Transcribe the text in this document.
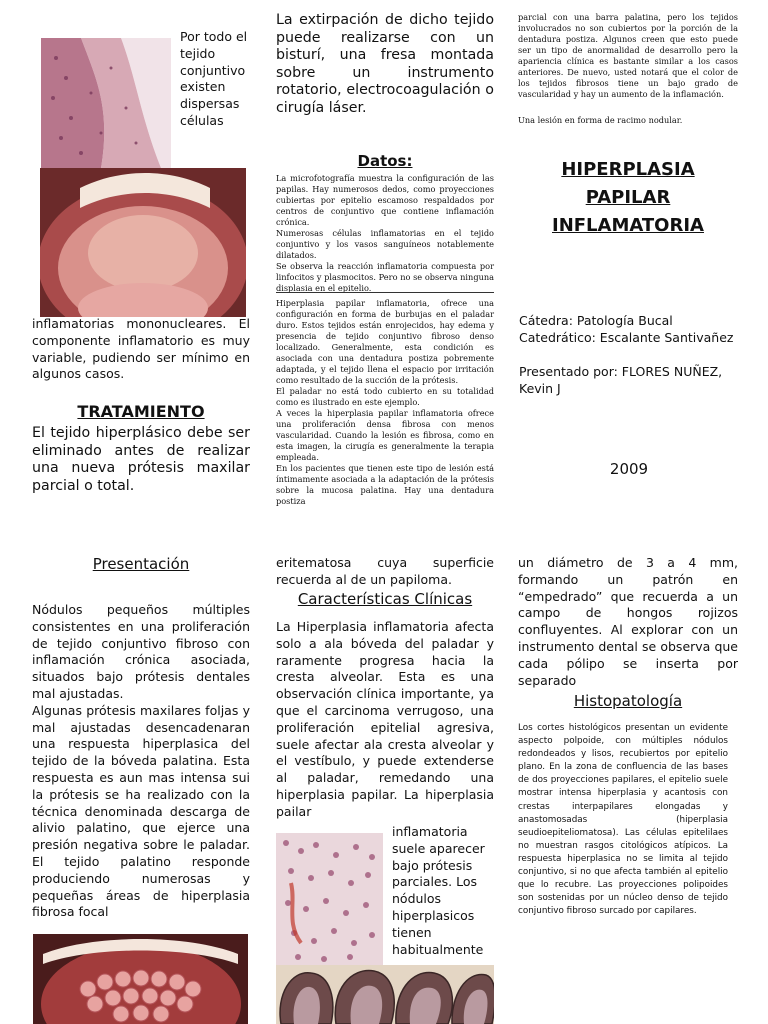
Por todo el tejido conjuntivo existen dispersas células
inflamatorias mononucleares. El componente inflamatorio es muy variable, pudiendo ser mínimo en algunos casos.
TRATAMIENTO
El tejido hiperplásico debe ser eliminado antes de realizar una nueva prótesis maxilar parcial o total.
La extirpación de dicho tejido puede realizarse con un bisturí, una fresa montada sobre un instrumento rotatorio, electrocoagulación o cirugía láser.
Datos:
La microfotografía muestra la configuración de las papilas. Hay numerosos dedos, como proyecciones cubiertas por epitelio escamoso respaldados por centros de conjuntivo que contiene inflamación crónica.
Numerosas células inflamatorias en el tejido conjuntivo y los vasos sanguíneos notablemente dilatados.
Se observa la reacción inflamatoria compuesta por linfocitos y plasmocitos. Pero no se observa ninguna displasia en el epitelio.
Hiperplasia papilar inflamatoria, ofrece una configuración en forma de burbujas en el paladar duro. Estos tejidos están enrojecidos, hay edema y presencia de tejido conjuntivo fibroso denso localizado. Generalmente, esta condición es asociada con una dentadura postiza pobremente adaptada, y el tejido llena el espacio por irritación como resultado de la succión de la prótesis.
El paladar no está todo cubierto en su totalidad como es ilustrado en este ejemplo.
A veces la hiperplasia papilar inflamatoria ofrece una proliferación densa fibrosa con menos vascularidad. Cuando la lesión es fibrosa, como en esta imagen, la cirugía es generalmente la terapia empleada.
En los pacientes que tienen este tipo de lesión está íntimamente asociada a la adaptación de la prótesis sobre la mucosa palatina. Hay una dentadura postiza
parcial con una barra palatina, pero los tejidos involucrados no son cubiertos por la porción de la dentadura postiza. Algunos creen que esto puede ser un tipo de anormalidad de desarrollo pero la apariencia clínica es bastante similar a los casos anteriores. De nuevo, usted notará que el color de los tejidos fibrosos tiene un bajo grado de vascularidad y hay un aumento de la inflamación.
Una lesión en forma de racimo nodular.
HIPERPLASIA
PAPILAR
INFLAMATORIA
Cátedra: Patología Bucal
Catedrático: Escalante Santivañez
Presentado por: FLORES NUÑEZ, Kevin J
2009
Presentación
Nódulos pequeños múltiples consistentes en una proliferación de tejido conjuntivo fibroso con inflamación crónica asociada, situados bajo prótesis dentales mal ajustadas.
Algunas prótesis maxilares foljas y mal ajustadas desencadenaran una respuesta hiperplasica del tejido de la bóveda palatina. Esta respuesta es aun mas intensa sui la prótesis se ha realizado con la técnica denominada descarga de alivio palatino, que ejerce una presión negativa sobre le paladar. El tejido palatino responde produciendo numerosas y pequeñas áreas de hiperplasia fibrosa focal
eritematosa cuya superficie recuerda al de un papiloma.
Características Clínicas
La Hiperplasia inflamatoria afecta solo a ala bóveda del paladar y raramente progresa hacia la cresta alveolar. Esta es una observación clínica importante, ya que el carcinoma verrugoso, una proliferación epitelial agresiva, suele afectar ala cresta alveolar y el vestíbulo, y puede extenderse al paladar, remedando una hiperplasia papilar. La hiperplasia pailar
inflamatoria
suele aparecer
bajo prótesis
parciales. Los
nódulos
hiperplasicos
tienen
habitualmente
un diámetro de 3 a 4 mm, formando un patrón en “empedrado” que recuerda a un campo de hongos rojizos confluyentes. Al explorar con un instrumento dental se observa que cada pólipo se inserta por separado
Histopatología
Los cortes histológicos presentan un evidente aspecto polpoide, con múltiples nódulos redondeados y lisos, recubiertos por epitelio plano. En la zona de confluencia de las bases de dos proyecciones papilares, el epitelio suele mostrar intensa hiperplasia y acantosis con crestas interpapilares elongadas y anastomosadas (hiperplasia seudioepiteliomatosa). Las células epitelilaes no muestran rasgos citológicos atípicos. La respuesta hiperplasica no se limita al tejido conjuntivo, si no que afecta también al epitelio que lo recubre. Las proyecciones polipoides son sostenidas por un núcleo denso de tejido conjuntivo fibroso surcado por capilares.
